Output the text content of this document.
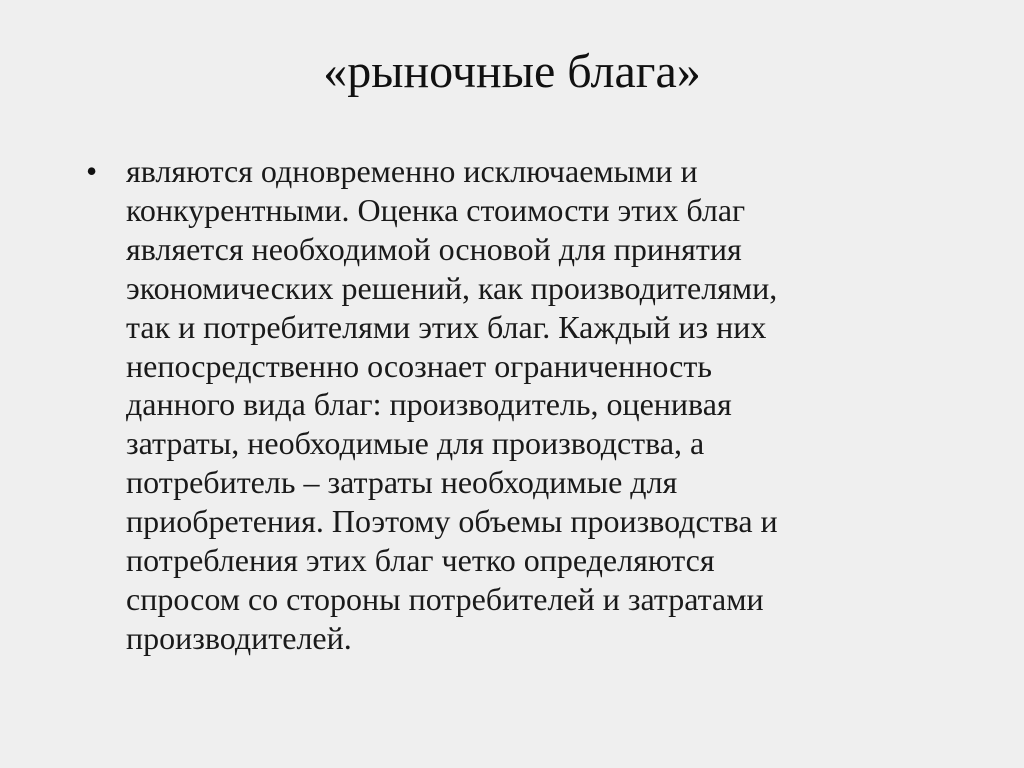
«рыночные блага»
• являются одновременно исключаемыми и
конкурентными. Оценка стоимости этих благ
является необходимой основой для принятия
экономических решений, как производителями,
так и потребителями этих благ. Каждый из них
непосредственно осознает ограниченность
данного вида благ: производитель, оценивая
затраты, необходимые для производства, а
потребитель – затраты необходимые для
приобретения. Поэтому объемы производства и
потребления этих благ четко определяются
спросом со стороны потребителей и затратами
производителей.
